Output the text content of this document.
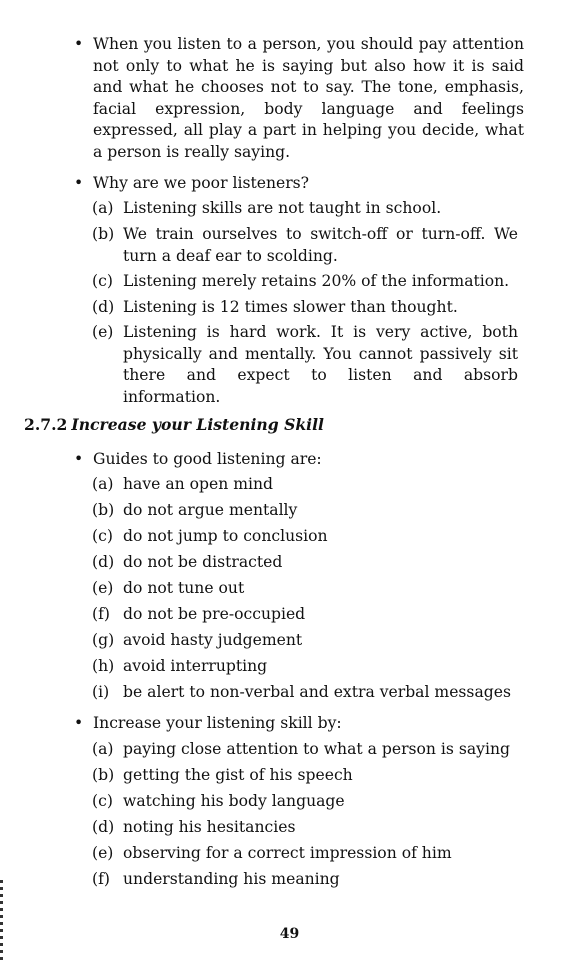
• When you listen to a person, you should pay attention not only to what he is saying but also how it is said and what he chooses not to say. The tone, emphasis, facial expression, body language and feelings expressed, all play a part in helping you decide, what a person is really saying.
• Why are we poor listeners?
(a) Listening skills are not taught in school.
(b) We train ourselves to switch-off or turn-off. We turn a deaf ear to scolding.
(c) Listening merely retains 20% of the information.
(d) Listening is 12 times slower than thought.
(e) Listening is hard work. It is very active, both physically and mentally. You cannot passively sit there and expect to listen and absorb information.
2.7.2 Increase your Listening Skill
• Guides to good listening are:
(a) have an open mind
(b) do not argue mentally
(c) do not jump to conclusion
(d) do not be distracted
(e) do not tune out
(f) do not be pre-occupied
(g) avoid hasty judgement
(h) avoid interrupting
(i) be alert to non-verbal and extra verbal messages
• Increase your listening skill by:
(a) paying close attention to what a person is saying
(b) getting the gist of his speech
(c) watching his body language
(d) noting his hesitancies
(e) observing for a correct impression of him
(f) understanding his meaning
49
